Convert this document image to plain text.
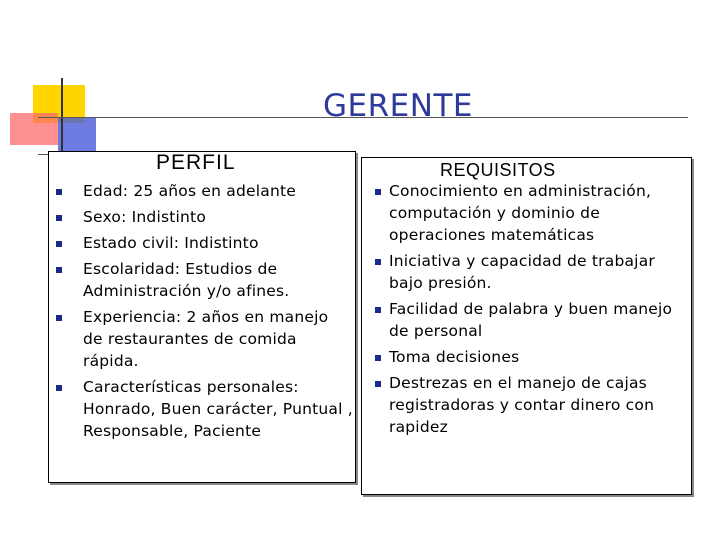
GERENTE
PERFIL	REQUISITOS
Edad: 25 años en adelante
Sexo: Indistinto
Estado civil: Indistinto
Escolaridad: Estudios de Administración y/o afines.
Experiencia: 2 años en manejo de restaurantes de comida rápida.
Características personales: Honrado, Buen carácter, Puntual , Responsable, Paciente
Conocimiento en administración, computación y dominio de operaciones matemáticas
Iniciativa y capacidad de trabajar bajo presión.
Facilidad de palabra y buen manejo de personal
Toma decisiones
Destrezas en el manejo de cajas registradoras y contar dinero con rapidez
